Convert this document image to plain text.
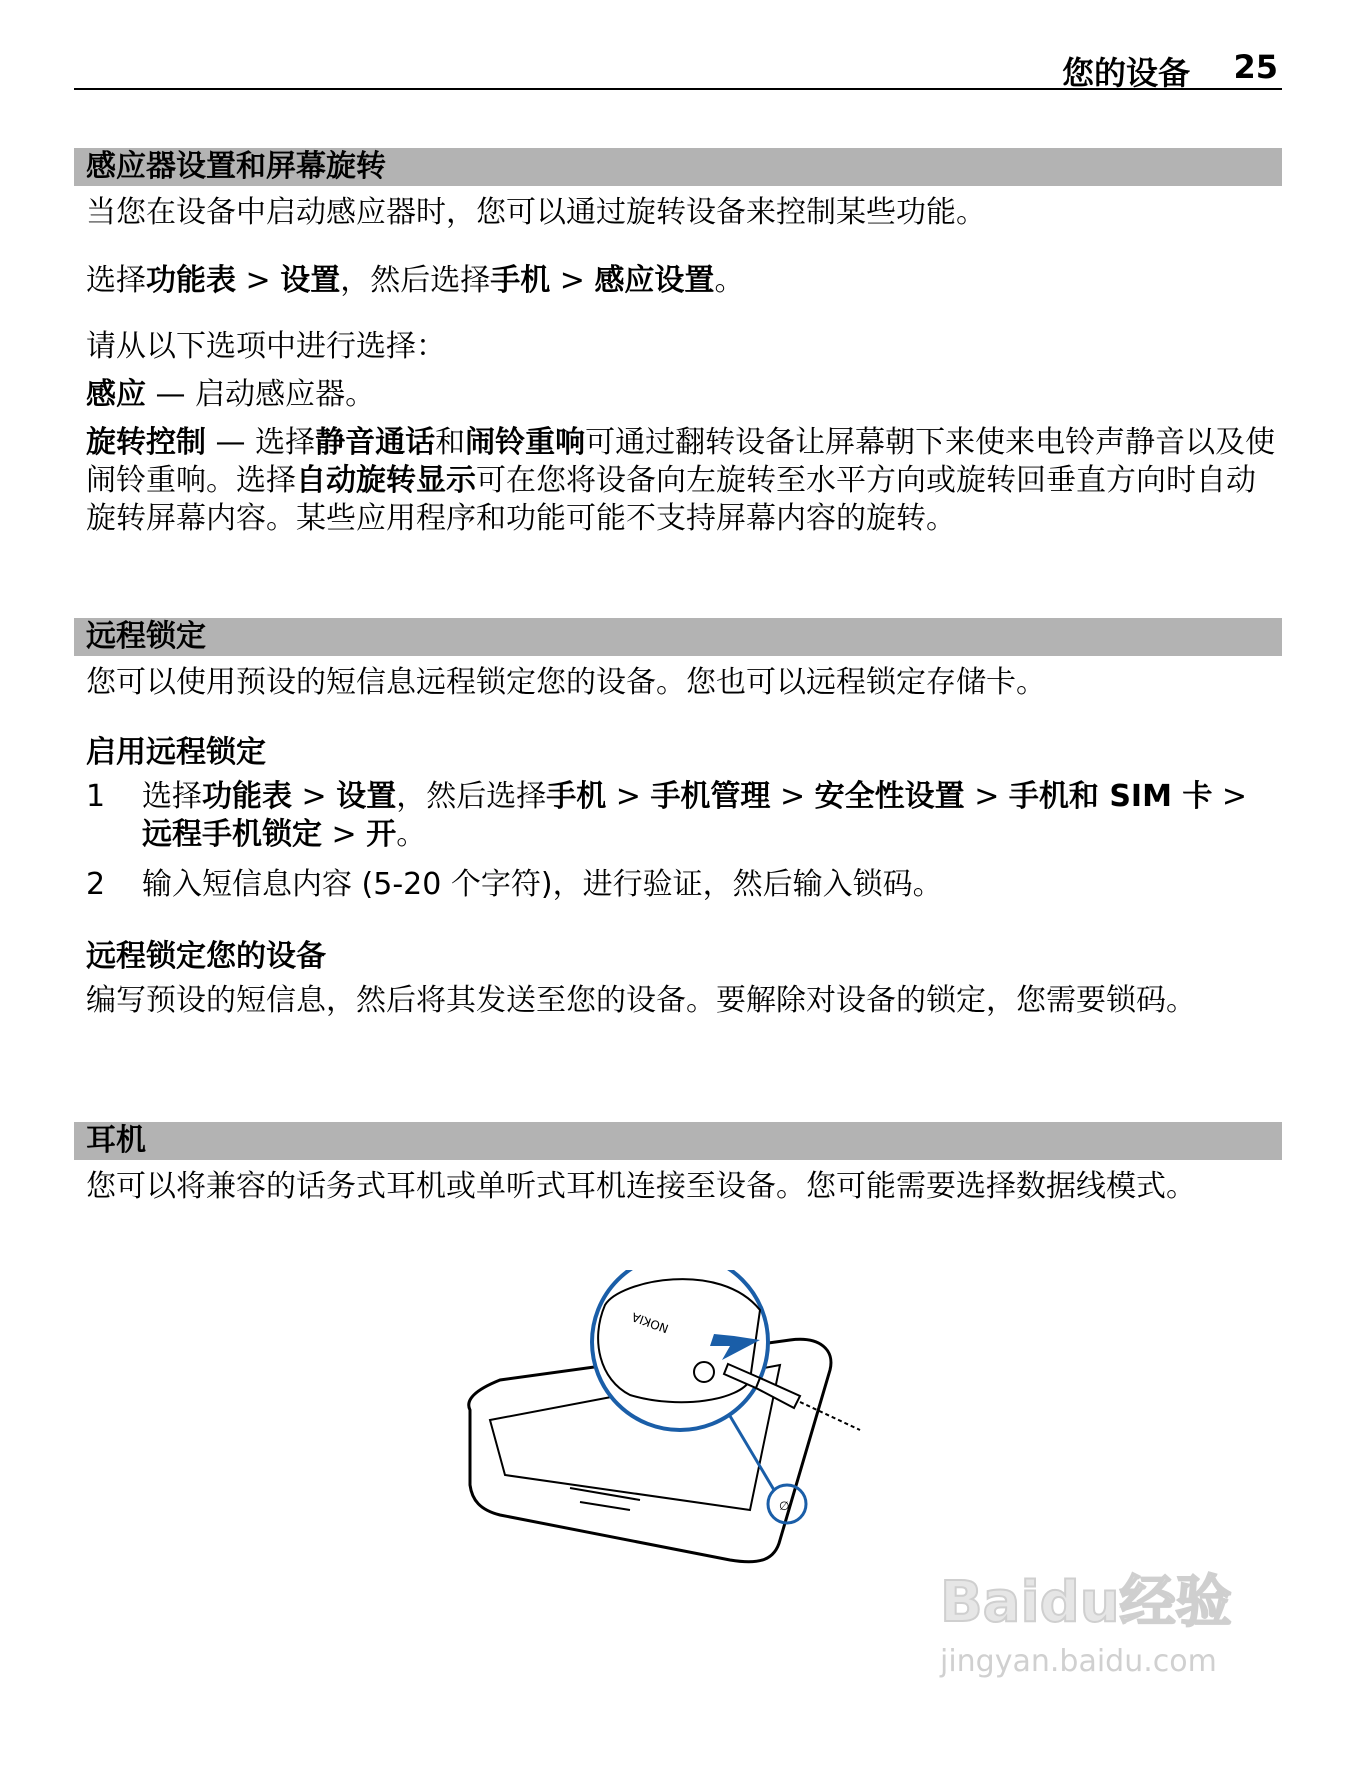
您的设备 25
感应器设置和屏幕旋转
当您在设备中启动感应器时，您可以通过旋转设备来控制某些功能。
选择功能表 > 设置，然后选择手机 > 感应设置。
请从以下选项中进行选择：
感应 — 启动感应器。
旋转控制 — 选择静音通话和闹铃重响可通过翻转设备让屏幕朝下来使来电铃声静音以及使闹铃重响。选择自动旋转显示可在您将设备向左旋转至水平方向或旋转回垂直方向时自动旋转屏幕内容。某些应用程序和功能可能不支持屏幕内容的旋转。
远程锁定
您可以使用预设的短信息远程锁定您的设备。您也可以远程锁定存储卡。
启用远程锁定
1 选择功能表 > 设置，然后选择手机 > 手机管理 > 安全性设置 > 手机和 SIM 卡 > 远程手机锁定 > 开。
2 输入短信息内容 (5-20 个字符)，进行验证，然后输入锁码。
远程锁定您的设备
编写预设的短信息，然后将其发送至您的设备。要解除对设备的锁定，您需要锁码。
耳机
您可以将兼容的话务式耳机或单听式耳机连接至设备。您可能需要选择数据线模式。
∅
NOKIA
Baidu经验
jingyan.baidu.com
